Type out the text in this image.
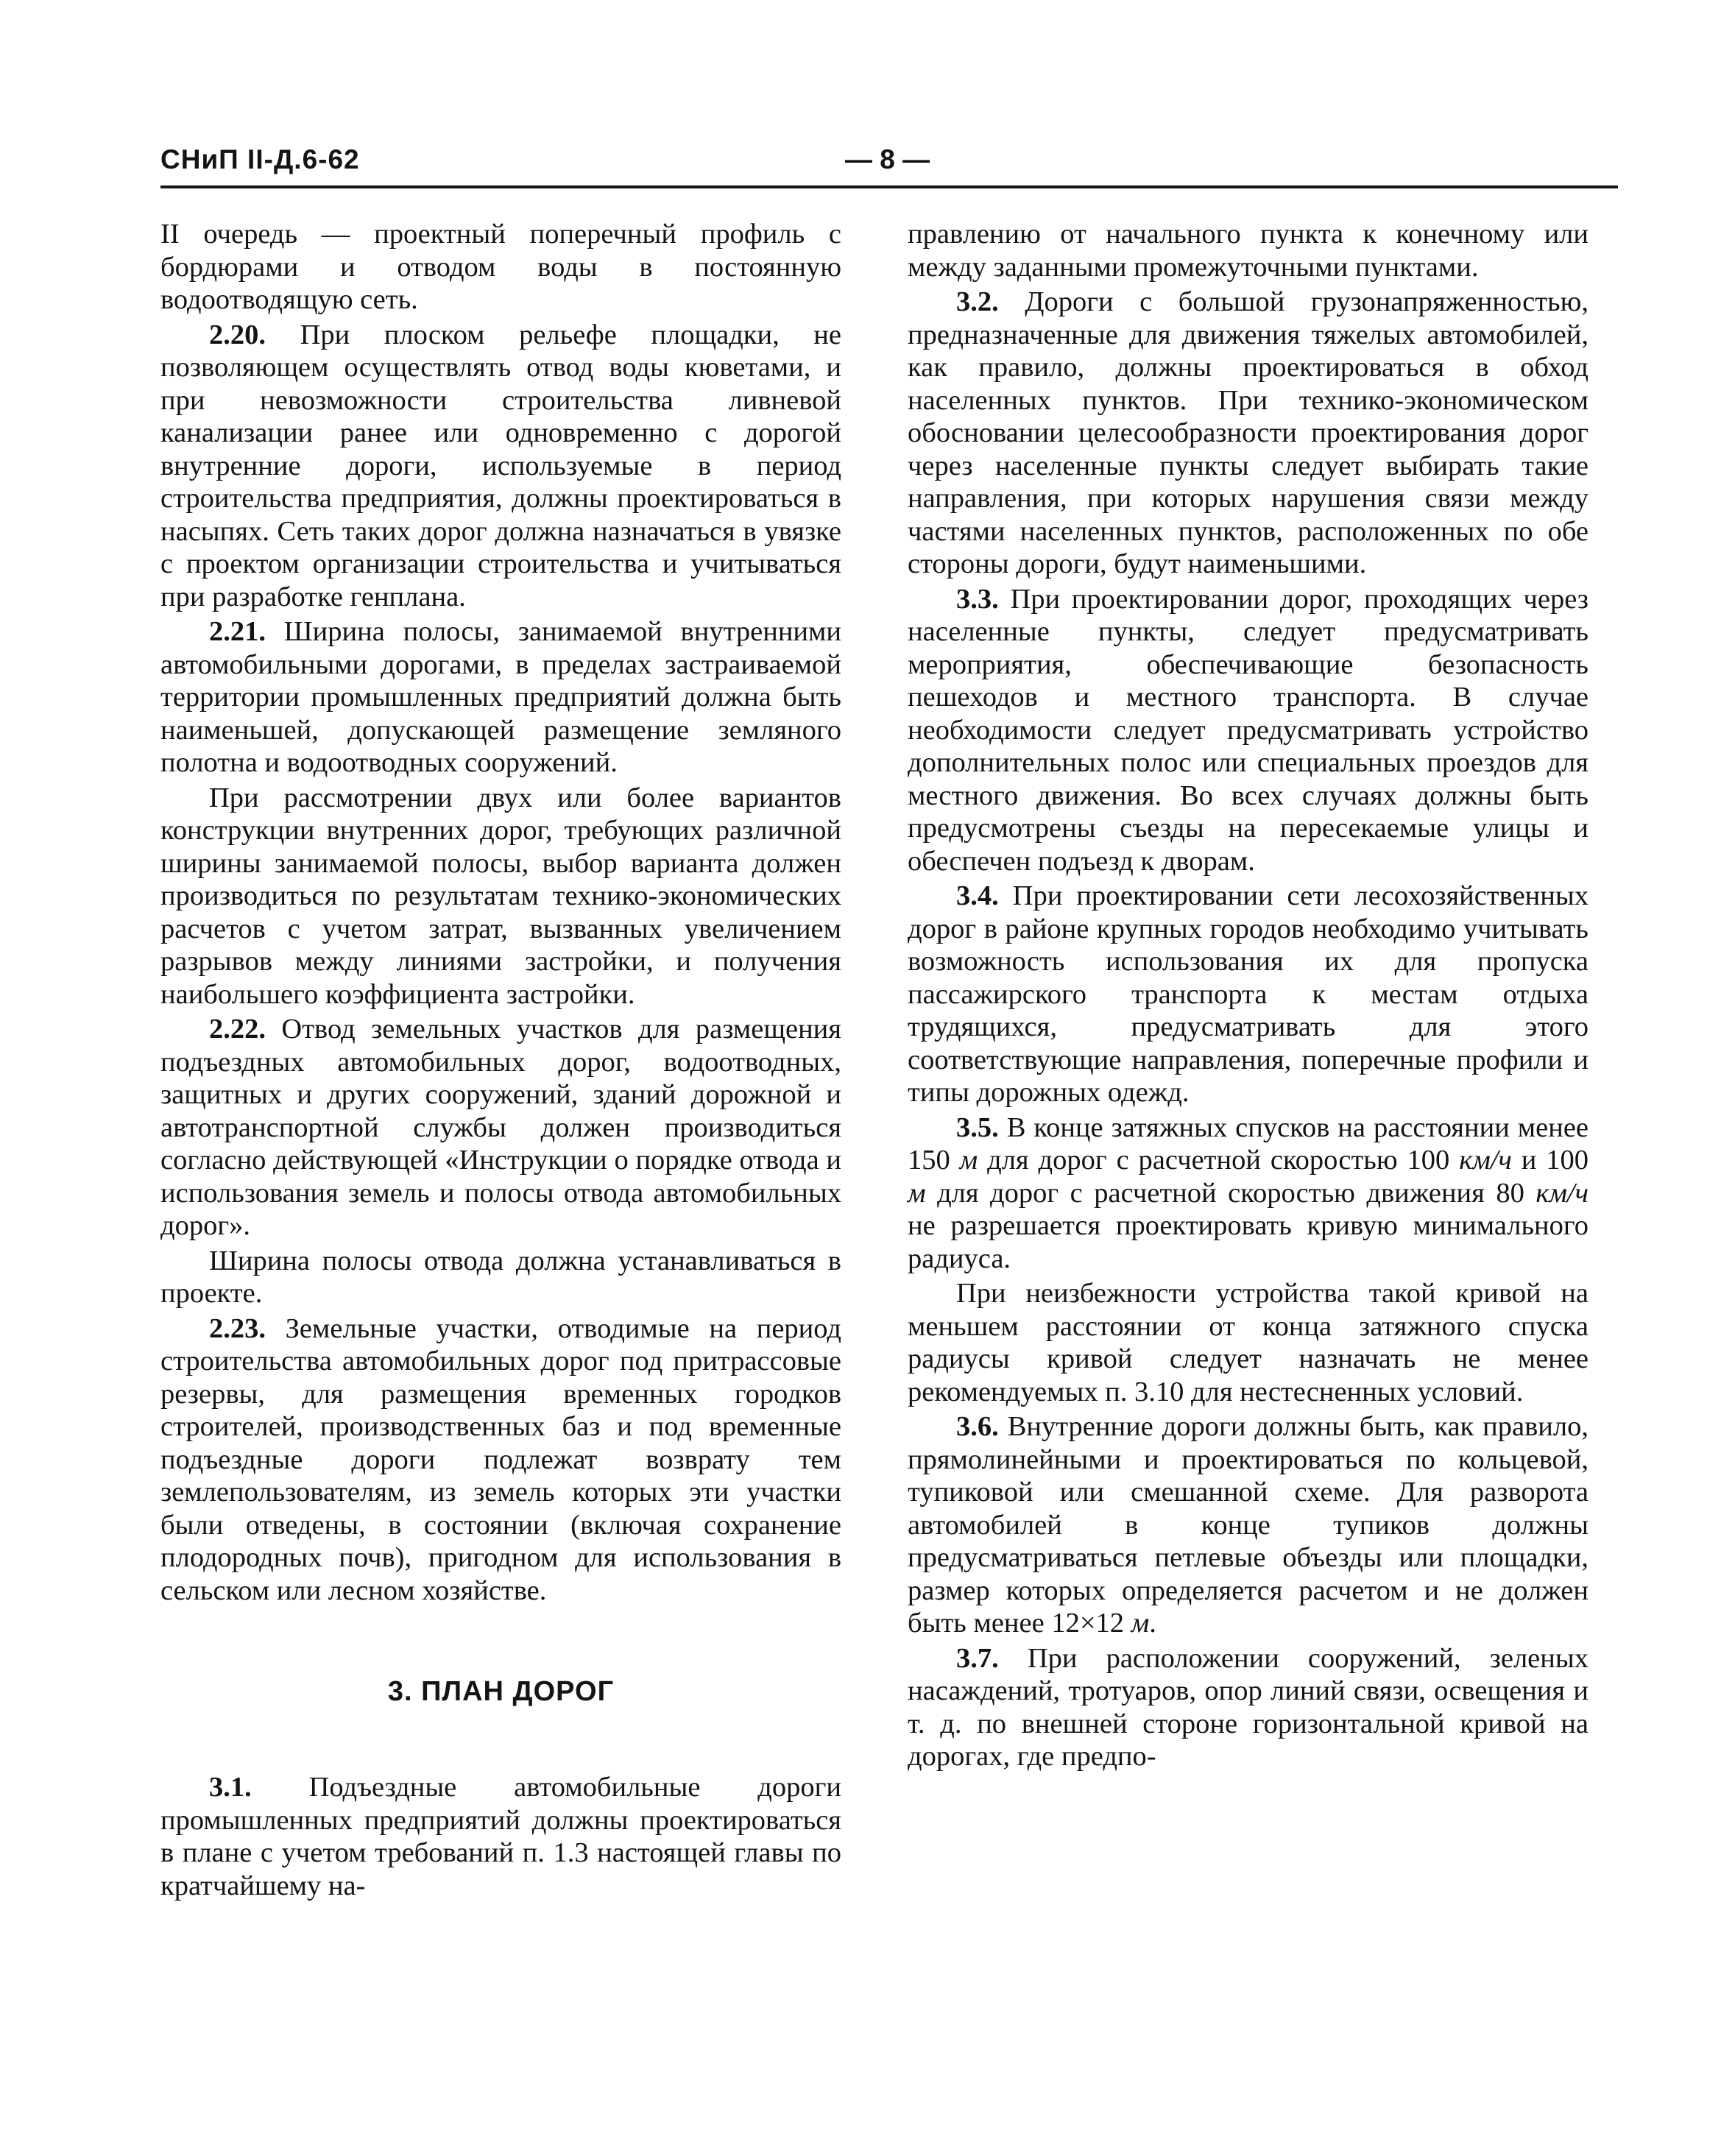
СНиП II-Д.6-62	— 8 —

II очередь — проектный поперечный профиль с бордюрами и отводом воды в постоянную водоотводящую сеть.

2.20. При плоском рельефе площадки, не позволяющем осуществлять отвод воды кюветами, и при невозможности строительства ливневой канализации ранее или одновременно с дорогой внутренние дороги, используемые в период строительства предприятия, должны проектироваться в насыпях. Сеть таких дорог должна назначаться в увязке с проектом организации строительства и учитываться при разработке генплана.

2.21. Ширина полосы, занимаемой внутренними автомобильными дорогами, в пределах застраиваемой территории промышленных предприятий должна быть наименьшей, допускающей размещение земляного полотна и водоотводных сооружений.

При рассмотрении двух или более вариантов конструкции внутренних дорог, требующих различной ширины занимаемой полосы, выбор варианта должен производиться по результатам технико-экономических расчетов с учетом затрат, вызванных увеличением разрывов между линиями застройки, и получения наибольшего коэффициента застройки.

2.22. Отвод земельных участков для размещения подъездных автомобильных дорог, водоотводных, защитных и других сооружений, зданий дорожной и автотранспортной службы должен производиться согласно действующей «Инструкции о порядке отвода и использования земель и полосы отвода автомобильных дорог».

Ширина полосы отвода должна устанавливаться в проекте.

2.23. Земельные участки, отводимые на период строительства автомобильных дорог под притрассовые резервы, для размещения временных городков строителей, производственных баз и под временные подъездные дороги подлежат возврату тем землепользователям, из земель которых эти участки были отведены, в состоянии (включая сохранение плодородных почв), пригодном для использования в сельском или лесном хозяйстве.

3. ПЛАН ДОРОГ

3.1. Подъездные автомобильные дороги промышленных предприятий должны проектироваться в плане с учетом требований п. 1.3 настоящей главы по кратчайшему на-

правлению от начального пункта к конечному или между заданными промежуточными пунктами.

3.2. Дороги с большой грузонапряженностью, предназначенные для движения тяжелых автомобилей, как правило, должны проектироваться в обход населенных пунктов. При технико-экономическом обосновании целесообразности проектирования дорог через населенные пункты следует выбирать такие направления, при которых нарушения связи между частями населенных пунктов, расположенных по обе стороны дороги, будут наименьшими.

3.3. При проектировании дорог, проходящих через населенные пункты, следует предусматривать мероприятия, обеспечивающие безопасность пешеходов и местного транспорта. В случае необходимости следует предусматривать устройство дополнительных полос или специальных проездов для местного движения. Во всех случаях должны быть предусмотрены съезды на пересекаемые улицы и обеспечен подъезд к дворам.

3.4. При проектировании сети лесохозяйственных дорог в районе крупных городов необходимо учитывать возможность использования их для пропуска пассажирского транспорта к местам отдыха трудящихся, предусматривать для этого соответствующие направления, поперечные профили и типы дорожных одежд.

3.5. В конце затяжных спусков на расстоянии менее 150 м для дорог с расчетной скоростью 100 км/ч и 100 м для дорог с расчетной скоростью движения 80 км/ч не разрешается проектировать кривую минимального радиуса.

При неизбежности устройства такой кривой на меньшем расстоянии от конца затяжного спуска радиусы кривой следует назначать не менее рекомендуемых п. 3.10 для нестесненных условий.

3.6. Внутренние дороги должны быть, как правило, прямолинейными и проектироваться по кольцевой, тупиковой или смешанной схеме. Для разворота автомобилей в конце тупиков должны предусматриваться петлевые объезды или площадки, размер которых определяется расчетом и не должен быть менее 12×12 м.

3.7. При расположении сооружений, зеленых насаждений, тротуаров, опор линий связи, освещения и т. д. по внешней стороне горизонтальной кривой на дорогах, где предпо-
